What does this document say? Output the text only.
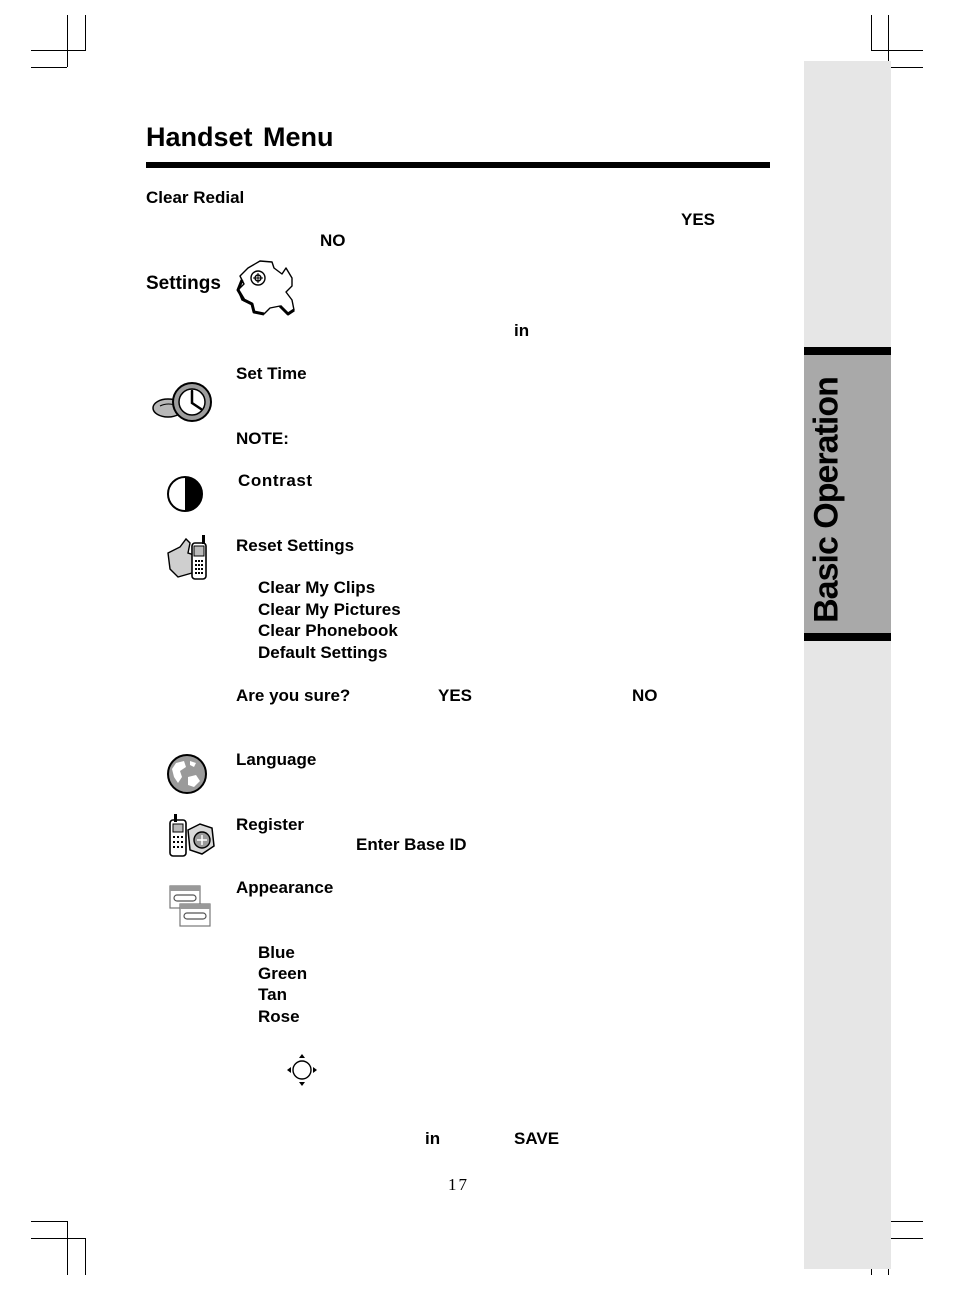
Basic Operation
Handset Menu
Clear Redial
YES
NO
Settings
in
Set Time
NOTE:
Contrast
Reset Settings
Clear My Clips
Clear My Pictures
Clear Phonebook
Default Settings
Are you sure?	YES	NO
Language
Register
Enter Base ID
Appearance
Blue
Green
Tan
Rose
in	SAVE
17
